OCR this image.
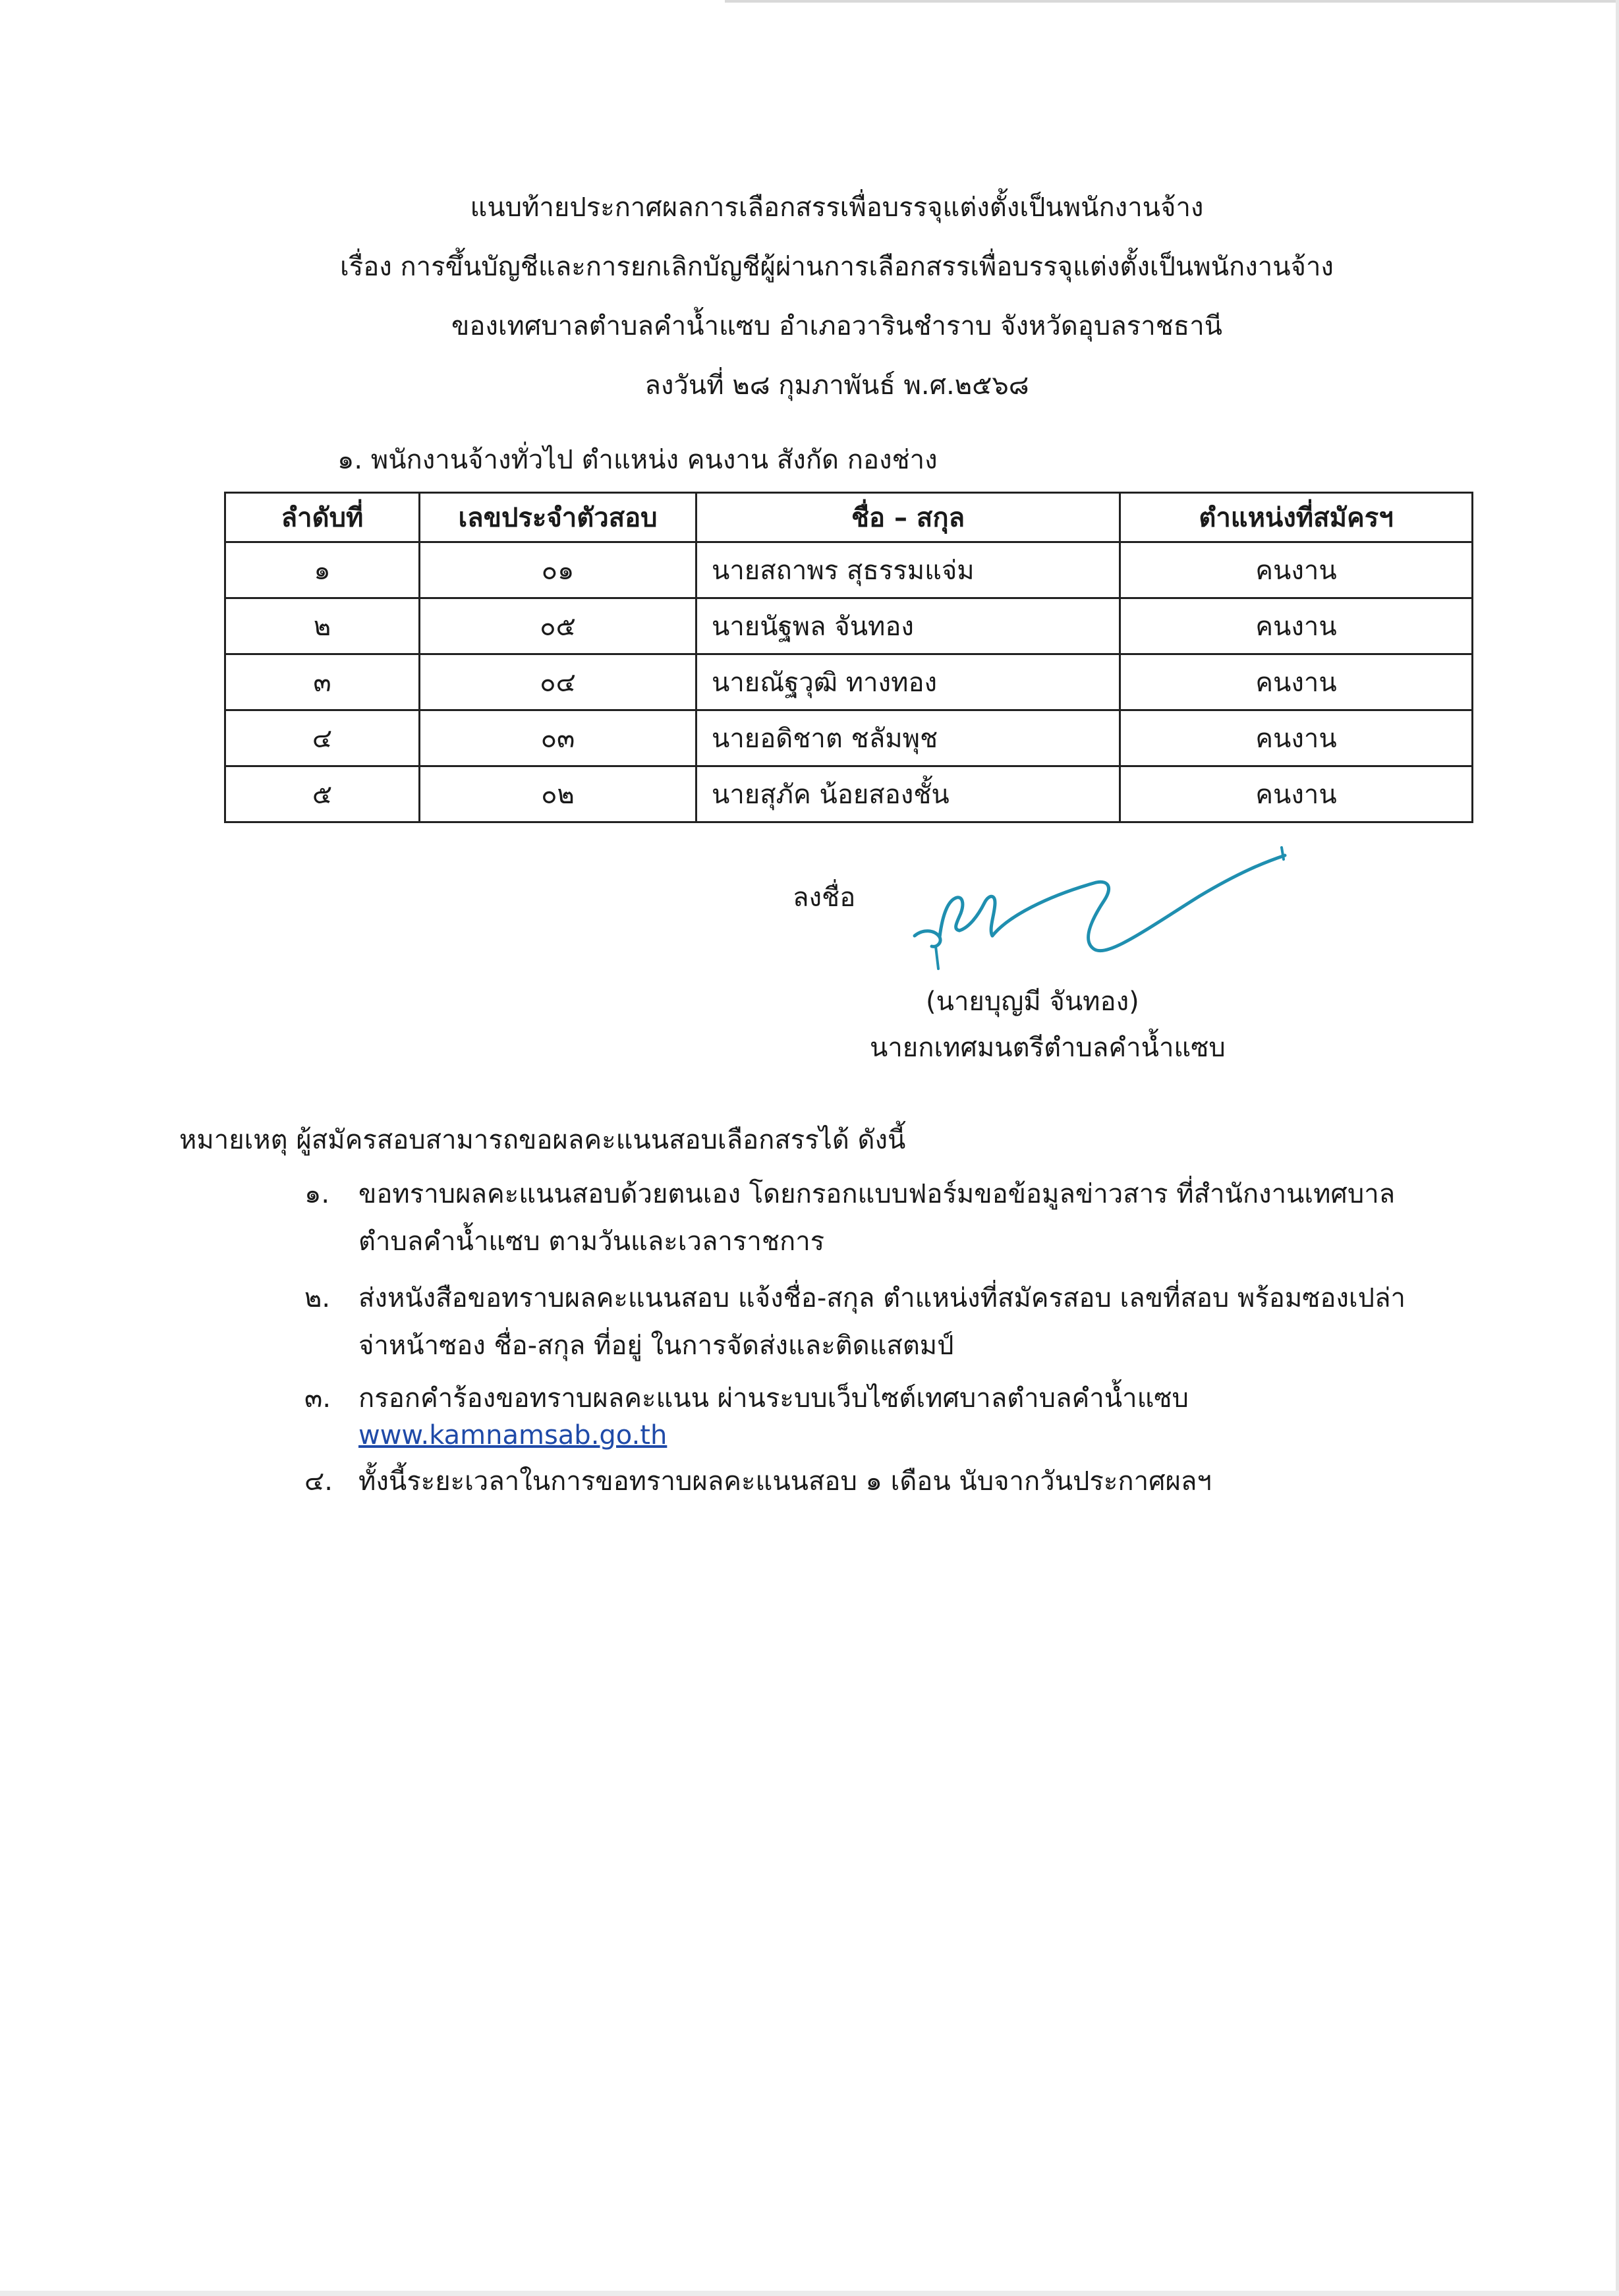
แนบท้ายประกาศผลการเลือกสรรเพื่อบรรจุแต่งตั้งเป็นพนักงานจ้าง
เรื่อง การขึ้นบัญชีและการยกเลิกบัญชีผู้ผ่านการเลือกสรรเพื่อบรรจุแต่งตั้งเป็นพนักงานจ้าง
ของเทศบาลตำบลคำน้ำแซบ อำเภอวารินชำราบ จังหวัดอุบลราชธานี
ลงวันที่ ๒๘ กุมภาพันธ์ พ.ศ.๒๕๖๘
๑. พนักงานจ้างทั่วไป ตำแหน่ง คนงาน สังกัด กองช่าง
ลำดับที่	เลขประจำตัวสอบ	ชื่อ – สกุล	ตำแหน่งที่สมัครฯ
๑	๐๑	นายสถาพร สุธรรมแจ่ม	คนงาน
๒	๐๕	นายนัฐพล จันทอง	คนงาน
๓	๐๔	นายณัฐวุฒิ ทางทอง	คนงาน
๔	๐๓	นายอดิชาต ชลัมพุช	คนงาน
๕	๐๒	นายสุภัค น้อยสองชั้น	คนงาน
ลงชื่อ
(นายบุญมี จันทอง)
นายกเทศมนตรีตำบลคำน้ำแซบ
หมายเหตุ ผู้สมัครสอบสามารถขอผลคะแนนสอบเลือกสรรได้ ดังนี้
๑. ขอทราบผลคะแนนสอบด้วยตนเอง โดยกรอกแบบฟอร์มขอข้อมูลข่าวสาร ที่สำนักงานเทศบาล
ตำบลคำน้ำแซบ ตามวันและเวลาราชการ
๒. ส่งหนังสือขอทราบผลคะแนนสอบ แจ้งชื่อ-สกุล ตำแหน่งที่สมัครสอบ เลขที่สอบ พร้อมซองเปล่า
จ่าหน้าซอง ชื่อ-สกุล ที่อยู่ ในการจัดส่งและติดแสตมป์
๓. กรอกคำร้องขอทราบผลคะแนน ผ่านระบบเว็บไซต์เทศบาลตำบลคำน้ำแซบ
www.kamnamsab.go.th
๔. ทั้งนี้ระยะเวลาในการขอทราบผลคะแนนสอบ ๑ เดือน นับจากวันประกาศผลฯ
